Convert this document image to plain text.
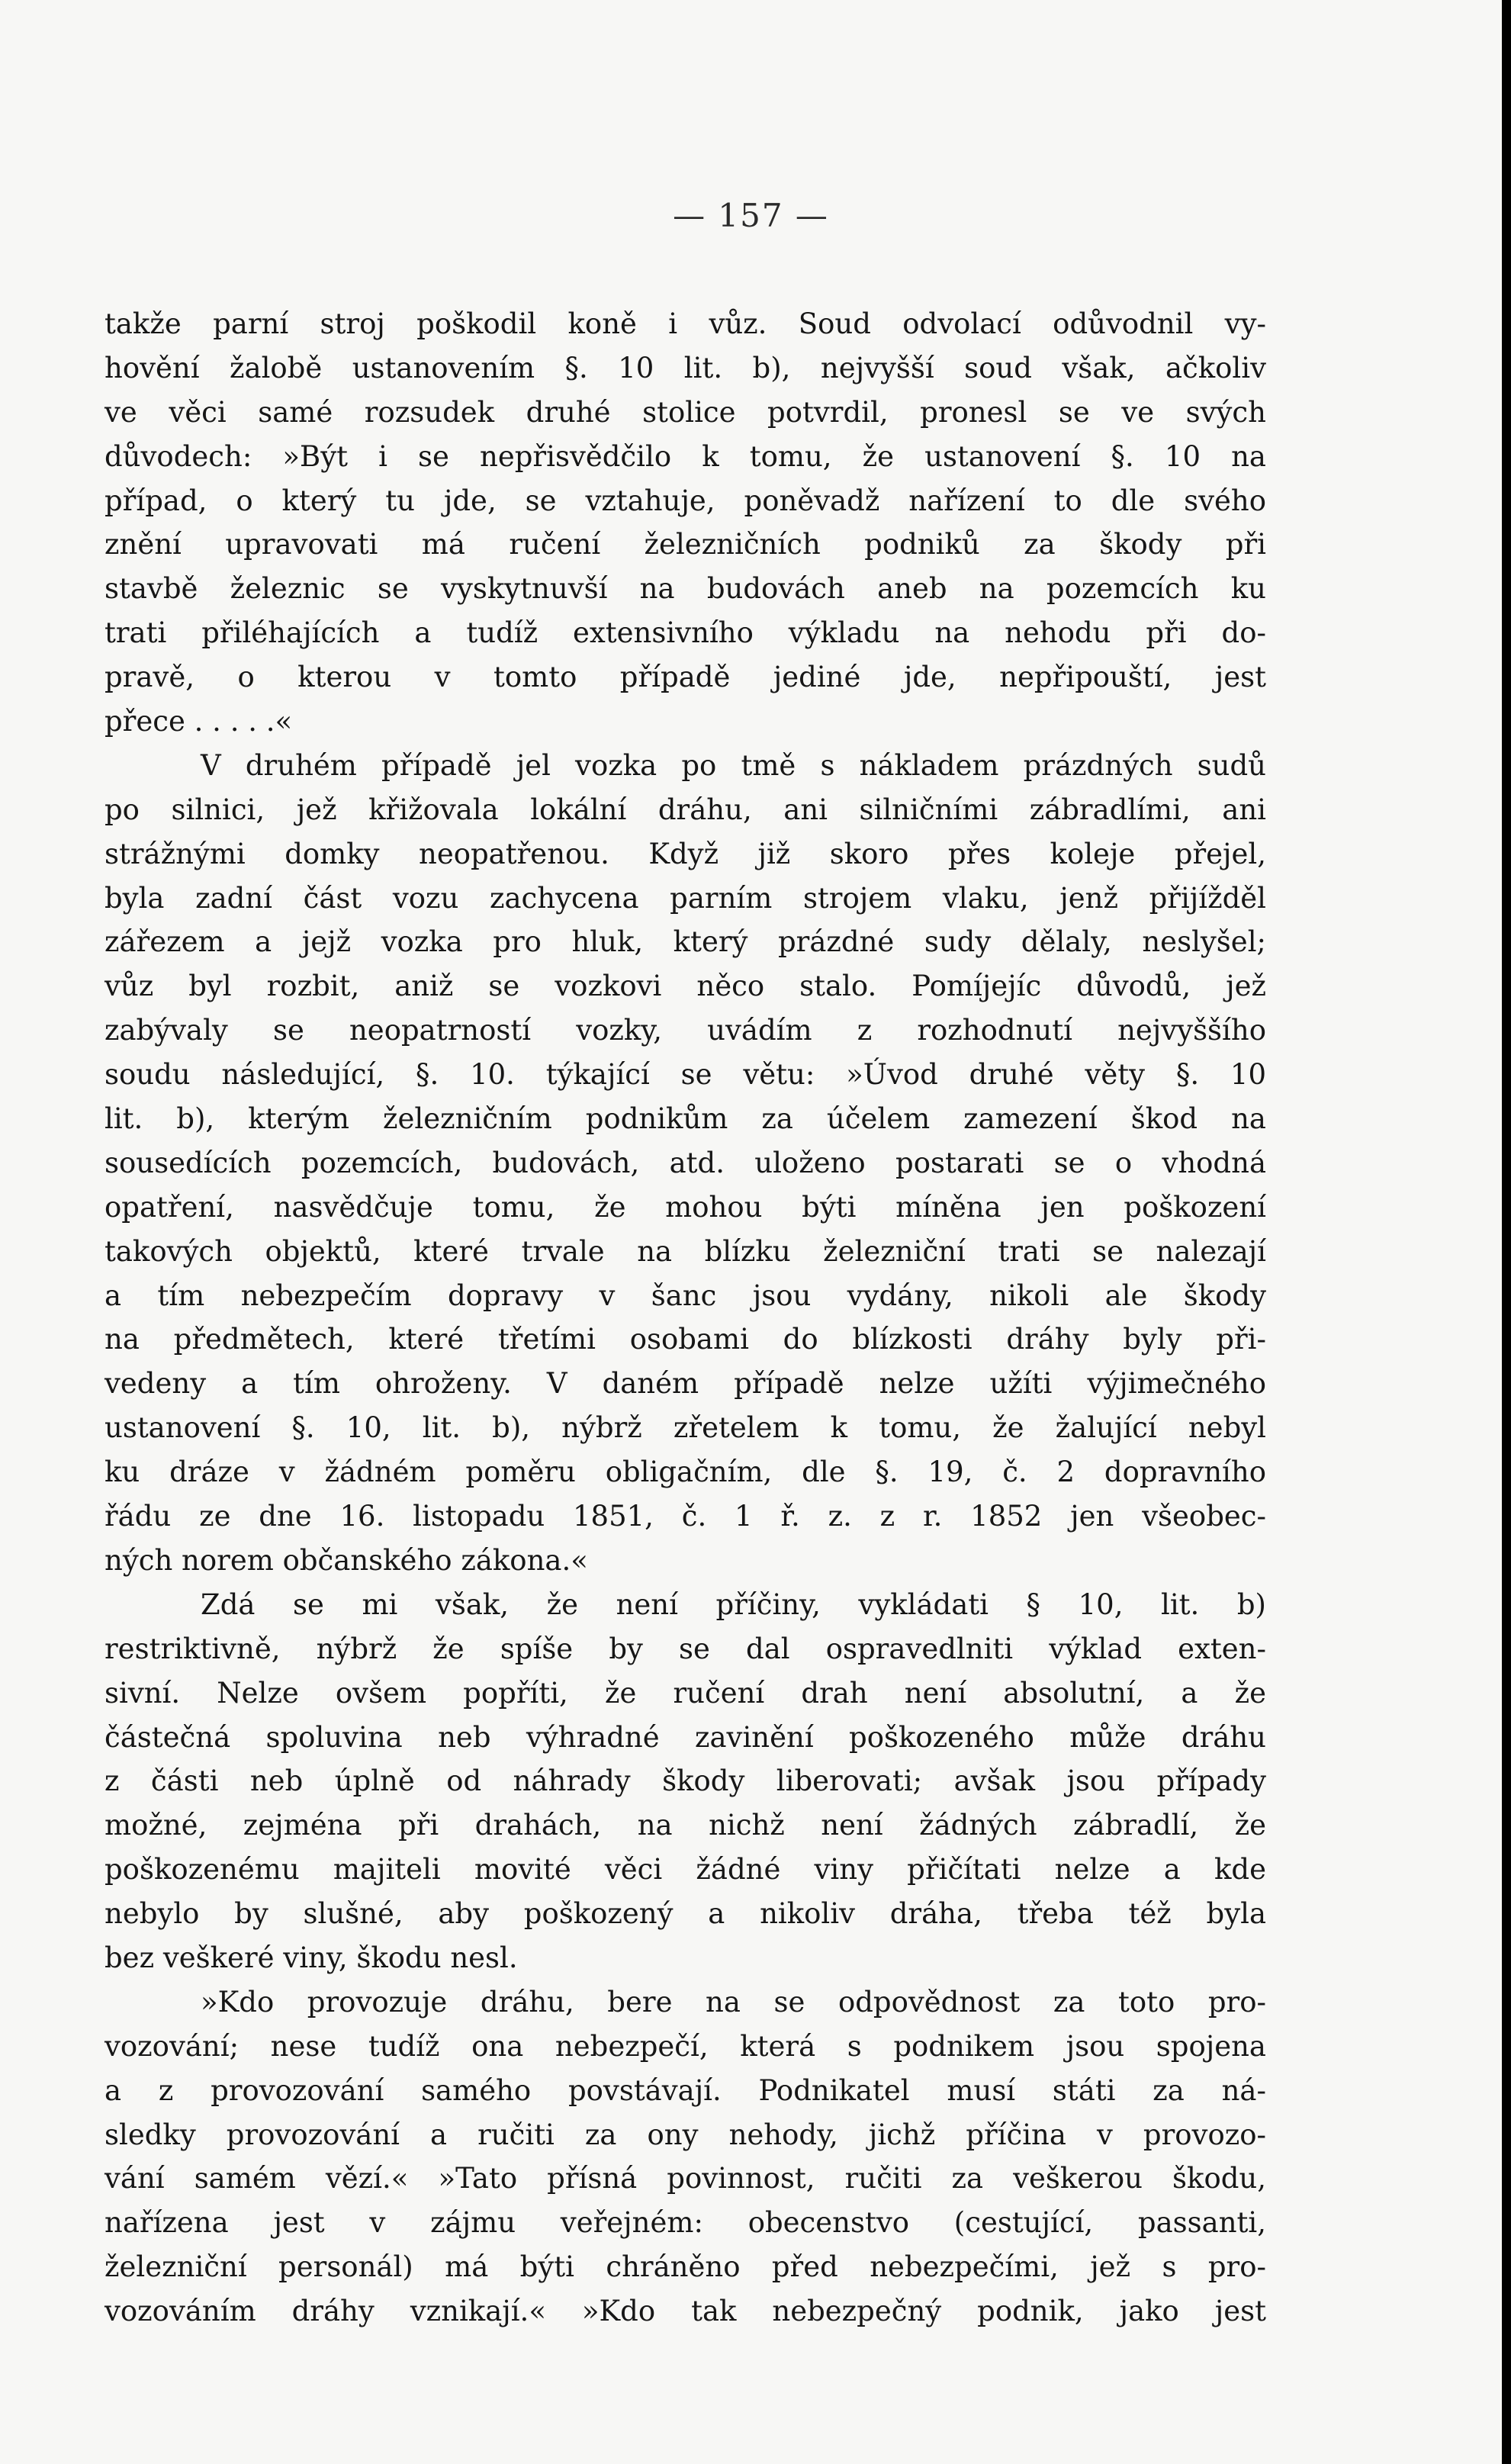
— 157 —
takže parní stroj poškodil koně i vůz. Soud odvolací odůvodnil vy-
hovění žalobě ustanovením §. 10 lit. b), nejvyšší soud však, ačkoliv
ve věci samé rozsudek druhé stolice potvrdil, pronesl se ve svých
důvodech: »Být i se nepřisvědčilo k tomu, že ustanovení §. 10 na
případ, o který tu jde, se vztahuje, poněvadž nařízení to dle svého
znění upravovati má ručení železničních podniků za škody při
stavbě železnic se vyskytnuvší na budovách aneb na pozemcích ku
trati přiléhajících a tudíž extensivního výkladu na nehodu při do-
pravě, o kterou v tomto případě jediné jde, nepřipouští, jest
přece . . . . .«
V druhém případě jel vozka po tmě s nákladem prázdných sudů
po silnici, jež křižovala lokální dráhu, ani silničními zábradlími, ani
strážnými domky neopatřenou. Když již skoro přes koleje přejel,
byla zadní část vozu zachycena parním strojem vlaku, jenž přijížděl
zářezem a jejž vozka pro hluk, který prázdné sudy dělaly, neslyšel;
vůz byl rozbit, aniž se vozkovi něco stalo. Pomíjejíc důvodů, jež
zabývaly se neopatrností vozky, uvádím z rozhodnutí nejvyššího
soudu následující, §. 10. týkající se větu: »Úvod druhé věty §. 10
lit. b), kterým železničním podnikům za účelem zamezení škod na
sousedících pozemcích, budovách, atd. uloženo postarati se o vhodná
opatření, nasvědčuje tomu, že mohou býti míněna jen poškození
takových objektů, které trvale na blízku železniční trati se nalezají
a tím nebezpečím dopravy v šanc jsou vydány, nikoli ale škody
na předmětech, které třetími osobami do blízkosti dráhy byly při-
vedeny a tím ohroženy. V daném případě nelze užíti výjimečného
ustanovení §. 10, lit. b), nýbrž zřetelem k tomu, že žalující nebyl
ku dráze v žádném poměru obligačním, dle §. 19, č. 2 dopravního
řádu ze dne 16. listopadu 1851, č. 1 ř. z. z r. 1852 jen všeobec-
ných norem občanského zákona.«
Zdá se mi však, že není příčiny, vykládati § 10, lit. b)
restriktivně, nýbrž že spíše by se dal ospravedlniti výklad exten-
sivní. Nelze ovšem popříti, že ručení drah není absolutní, a že
částečná spoluvina neb výhradné zavinění poškozeného může dráhu
z části neb úplně od náhrady škody liberovati; avšak jsou případy
možné, zejména při drahách, na nichž není žádných zábradlí, že
poškozenému majiteli movité věci žádné viny přičítati nelze a kde
nebylo by slušné, aby poškozený a nikoliv dráha, třeba též byla
bez veškeré viny, škodu nesl.
»Kdo provozuje dráhu, bere na se odpovědnost za toto pro-
vozování; nese tudíž ona nebezpečí, která s podnikem jsou spojena
a z provozování samého povstávají. Podnikatel musí státi za ná-
sledky provozování a ručiti za ony nehody, jichž příčina v provozo-
vání samém vězí.« »Tato přísná povinnost, ručiti za veškerou škodu,
nařízena jest v zájmu veřejném: obecenstvo (cestující, passanti,
železniční personál) má býti chráněno před nebezpečími, jež s pro-
vozováním dráhy vznikají.« »Kdo tak nebezpečný podnik, jako jest
